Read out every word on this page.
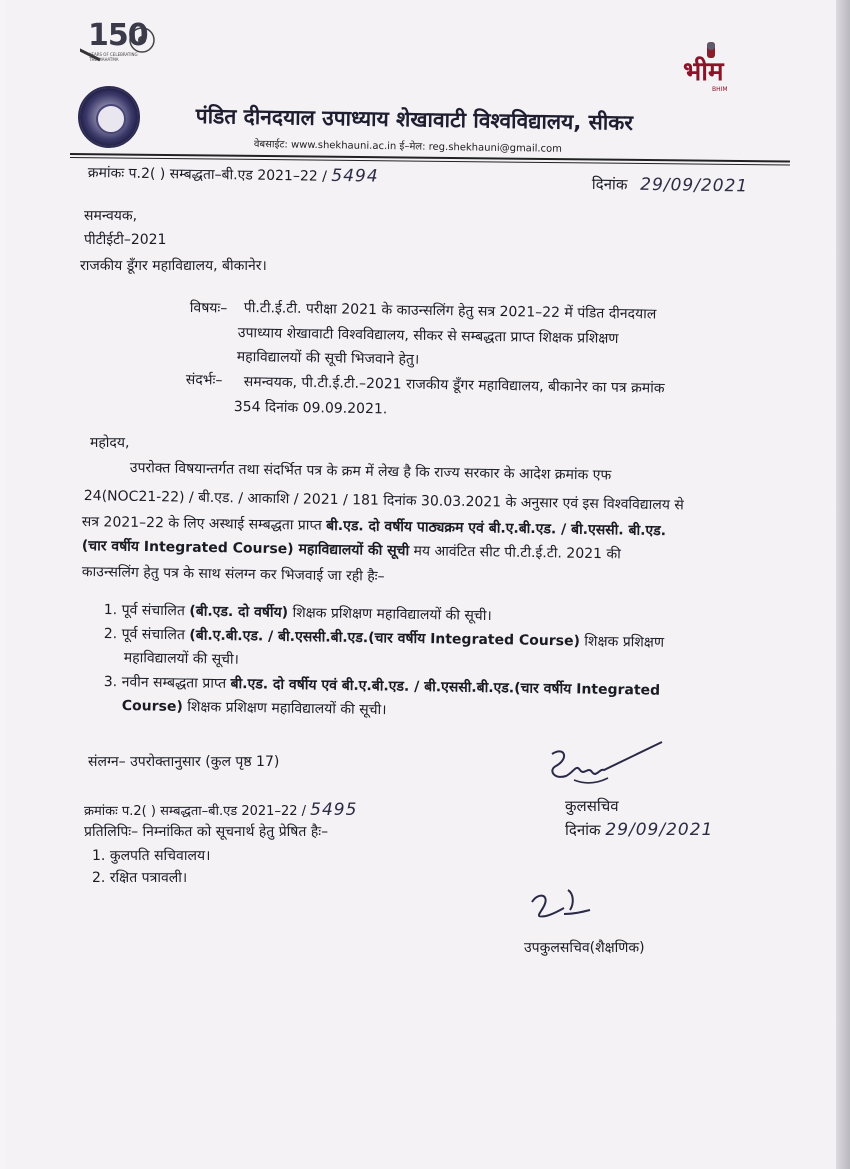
150
YEARS OF CELEBRATING THE MAHATMA	भीम
BHIM
पंडित दीनदयाल उपाध्याय शेखावाटी विश्वविद्यालय, सीकर
वेबसाईट: www.shekhauni.ac.in ई–मेल: reg.shekhauni@gmail.com
क्रमांकः प.2( ) सम्बद्धता–बी.एड 2021–22 / 5494	दिनांक 29/09/2021
समन्वयक,
पीटीईटी–2021
राजकीय डूँगर महाविद्यालय, बीकानेर।
विषयः– पी.टी.ई.टी. परीक्षा 2021 के काउन्सलिंग हेतु सत्र 2021–22 में पंडित दीनदयाल
उपाध्याय शेखावाटी विश्वविद्यालय, सीकर से सम्बद्धता प्राप्त शिक्षक प्रशिक्षण
महाविद्यालयों की सूची भिजवाने हेतु।
संदर्भः– समन्वयक, पी.टी.ई.टी.–2021 राजकीय डूँगर महाविद्यालय, बीकानेर का पत्र क्रमांक
354 दिनांक 09.09.2021.
महोदय,
उपरोक्त विषयान्तर्गत तथा संदर्भित पत्र के क्रम में लेख है कि राज्य सरकार के आदेश क्रमांक एफ
24(NOC21-22) / बी.एड. / आकाशि / 2021 / 181 दिनांक 30.03.2021 के अनुसार एवं इस विश्वविद्यालय से
सत्र 2021–22 के लिए अस्थाई सम्बद्धता प्राप्त बी.एड. दो वर्षीय पाठ्यक्रम एवं बी.ए.बी.एड. / बी.एससी. बी.एड.
(चार वर्षीय Integrated Course) महाविद्यालयों की सूची मय आवंटित सीट पी.टी.ई.टी. 2021 की
काउन्सलिंग हेतु पत्र के साथ संलग्न कर भिजवाई जा रही हैः–
1. पूर्व संचालित (बी.एड. दो वर्षीय) शिक्षक प्रशिक्षण महाविद्यालयों की सूची।
2. पूर्व संचालित (बी.ए.बी.एड. / बी.एससी.बी.एड.(चार वर्षीय Integrated Course) शिक्षक प्रशिक्षण
महाविद्यालयों की सूची।
3. नवीन सम्बद्धता प्राप्त बी.एड. दो वर्षीय एवं बी.ए.बी.एड. / बी.एससी.बी.एड.(चार वर्षीय Integrated
Course) शिक्षक प्रशिक्षण महाविद्यालयों की सूची।
संलग्न– उपरोक्तानुसार (कुल पृष्ठ 17)
कुलसचिव
दिनांक 29/09/2021
क्रमांकः प.2( ) सम्बद्धता–बी.एड 2021–22 / 5495
प्रतिलिपिः– निम्नांकित को सूचनार्थ हेतु प्रेषित हैः–
1. कुलपति सचिवालय।
2. रक्षित पत्रावली।
उपकुलसचिव(शैक्षणिक)
